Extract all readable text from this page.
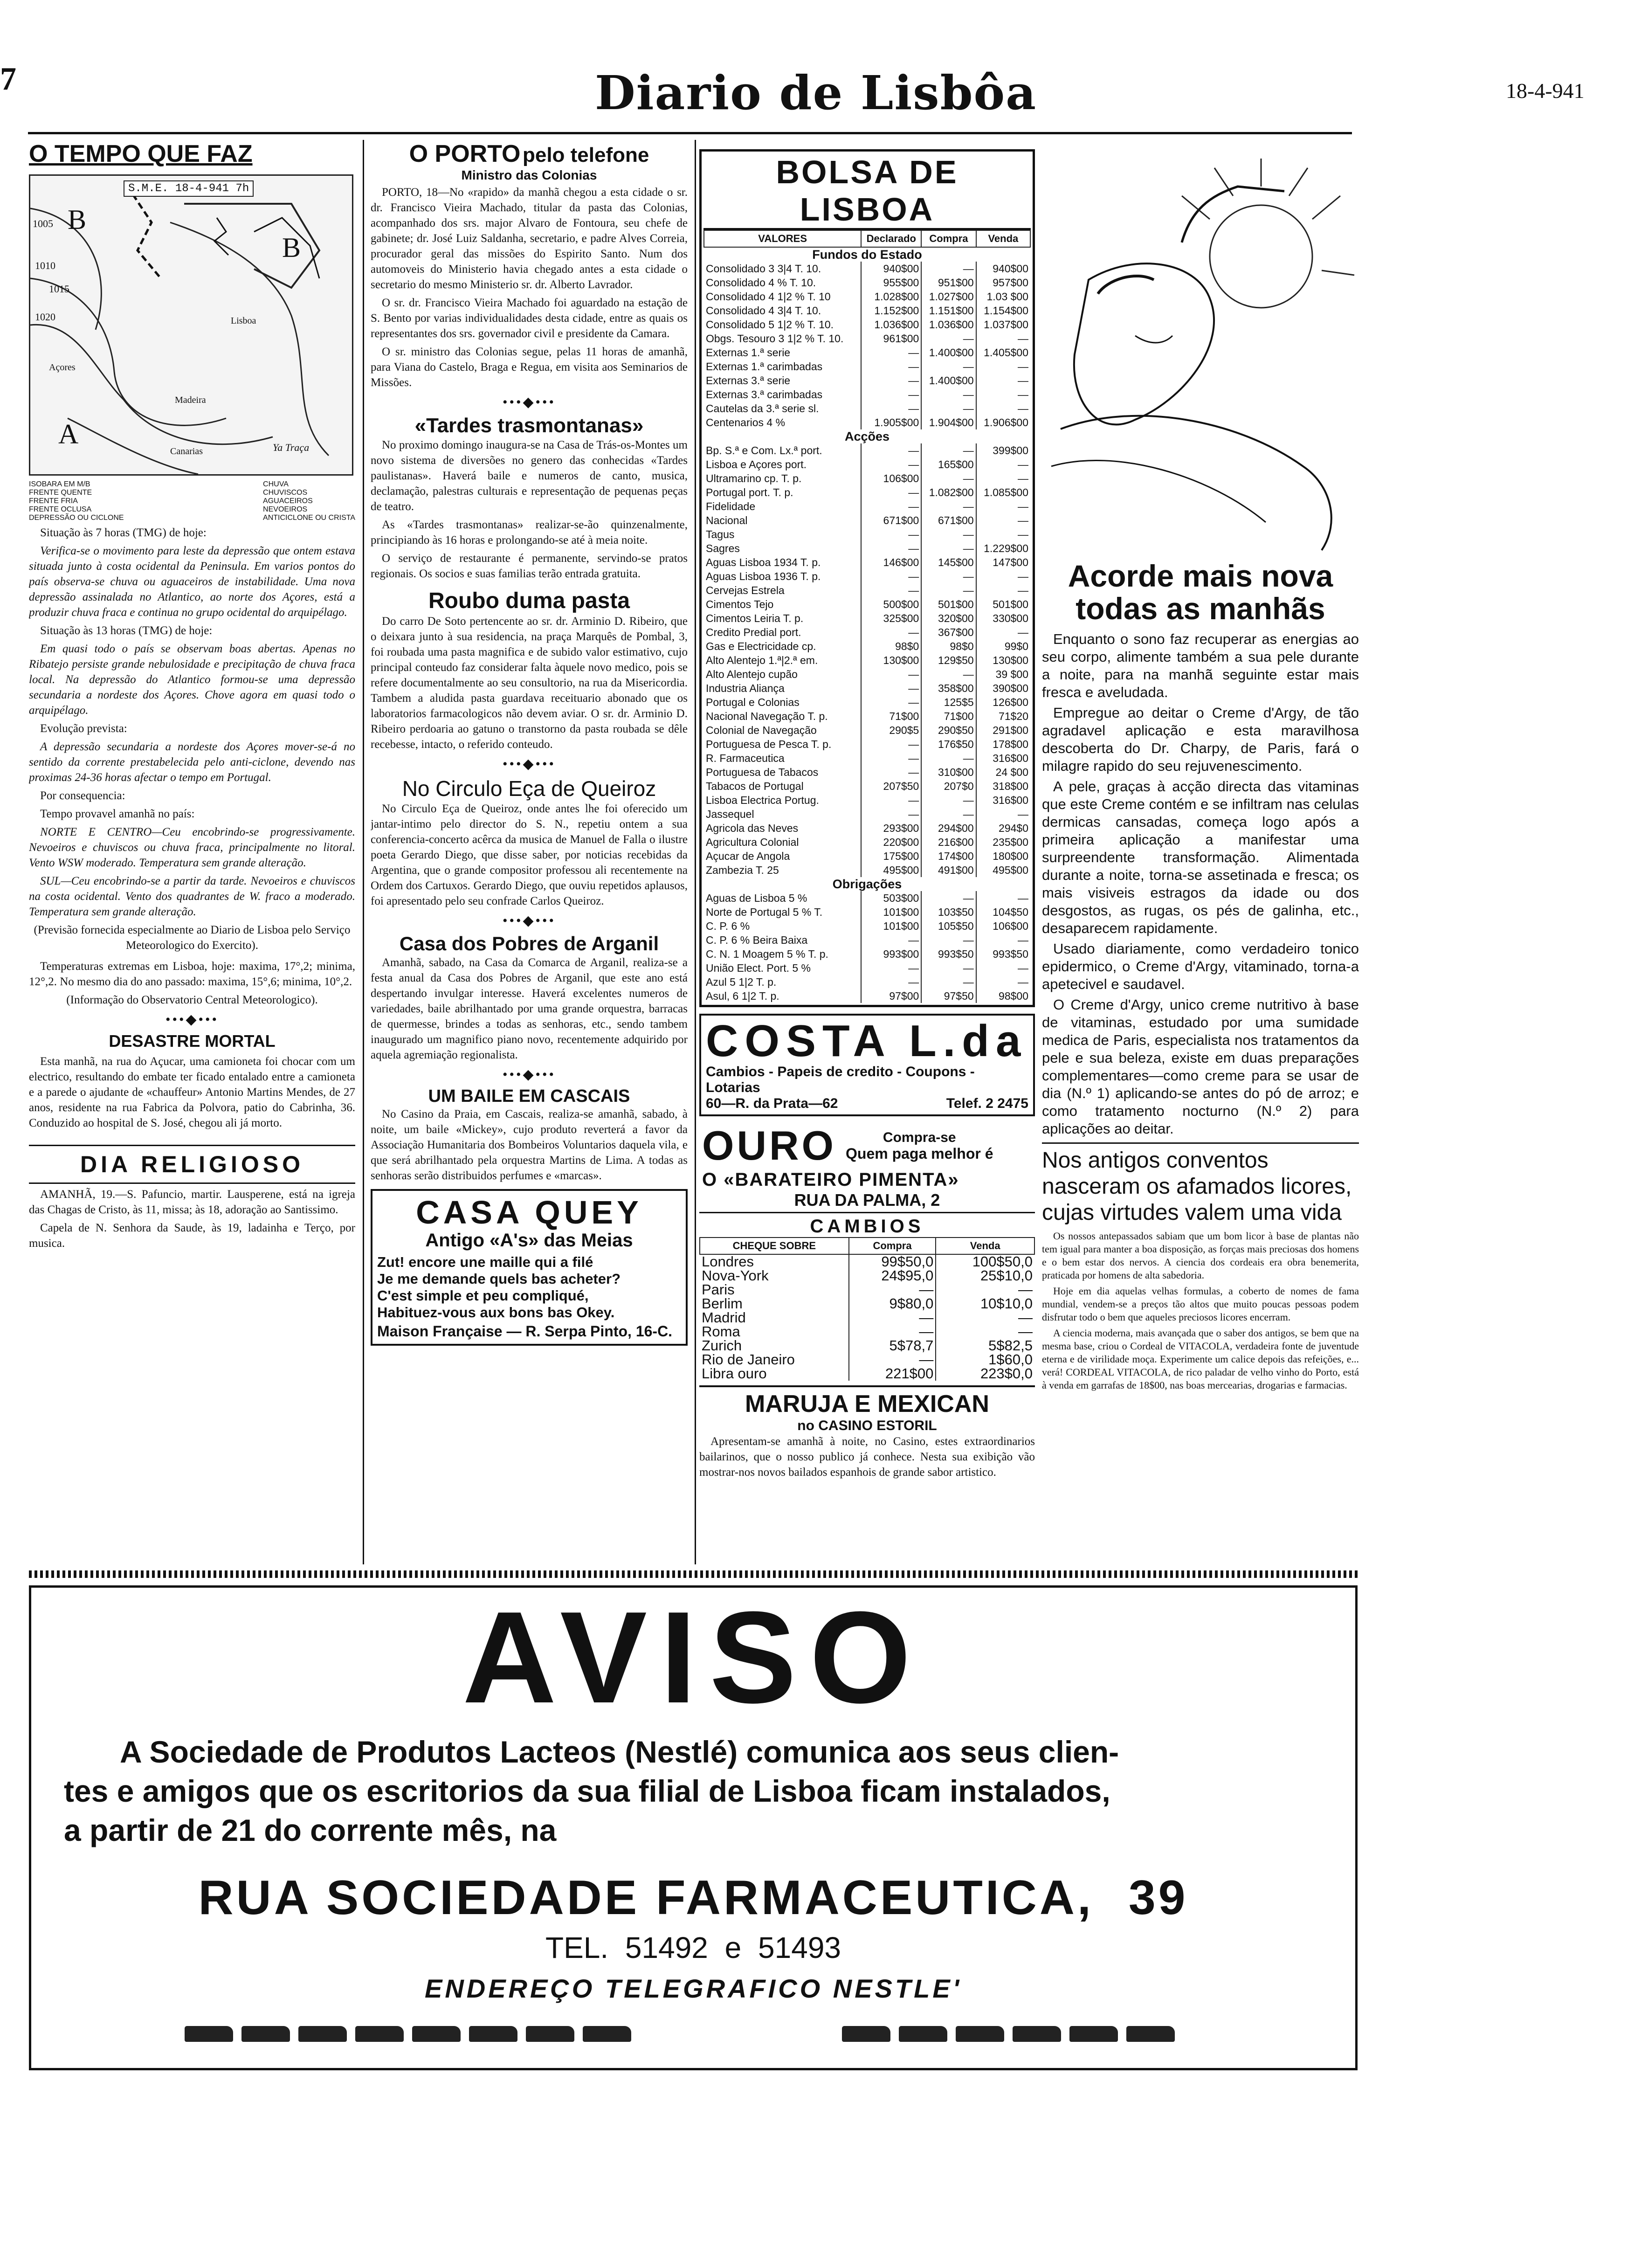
7	Diario de Lisbôa	18-4-941
O TEMPO QUE FAZ
S.M.E. 18-4-941 7h
Lisboa
Madeira
Canarias
Açores
1005
1010
1015
1020
A
B
B
Ya Traça
ISOBARA EM M/B
FRENTE QUENTE
FRENTE FRIA
FRENTE OCLUSA
DEPRESSÃO OU CICLONE
CHUVA
CHUVISCOS
AGUACEIROS
NEVOEIROS
ANTICICLONE OU CRISTA

Situação às 7 horas (TMG) de hoje:

Verifica-se o movimento para leste da depressão que ontem estava situada junto à costa ocidental da Peninsula. Em varios pontos do país observa-se chuva ou aguaceiros de instabilidade. Uma nova depressão assinalada no Atlantico, ao norte dos Açores, está a produzir chuva fraca e continua no grupo ocidental do arquipélago.

Situação às 13 horas (TMG) de hoje:

Em quasi todo o país se observam boas abertas. Apenas no Ribatejo persiste grande nebulosidade e precipitação de chuva fraca local. Na depressão do Atlantico formou-se uma depressão secundaria a nordeste dos Açores. Chove agora em quasi todo o arquipélago.

Evolução prevista:

A depressão secundaria a nordeste dos Açores mover-se-á no sentido da corrente prestabelecida pelo anti-ciclone, devendo nas proximas 24-36 horas afectar o tempo em Portugal.

Por consequencia:

Tempo provavel amanhã no país:

NORTE E CENTRO—Ceu encobrindo-se progressivamente. Nevoeiros e chuviscos ou chuva fraca, principalmente no litoral. Vento WSW moderado. Temperatura sem grande alteração.

SUL—Ceu encobrindo-se a partir da tarde. Nevoeiros e chuviscos na costa ocidental. Vento dos quadrantes de W. fraco a moderado. Temperatura sem grande alteração.

(Previsão fornecida especialmente ao Diario de Lisboa pelo Serviço Meteorologico do Exercito).

Temperaturas extremas em Lisboa, hoje: maxima, 17°,2; minima, 12°,2. No mesmo dia do ano passado: maxima, 15°,6; minima, 10°,2.

(Informação do Observatorio Central Meteorologico).

•••◆•••
DESASTRE MORTAL

Esta manhã, na rua do Açucar, uma camioneta foi chocar com um electrico, resultando do embate ter ficado entalado entre a camioneta e a parede o ajudante de «chauffeur» Antonio Martins Mendes, de 27 anos, residente na rua Fabrica da Polvora, patio do Cabrinha, 36. Conduzido ao hospital de S. José, chegou ali já morto.

DIA RELIGIOSO

AMANHÃ, 19.—S. Pafuncio, martir. Lausperene, está na igreja das Chagas de Cristo, às 11, missa; às 18, adoração ao Santissimo.

Capela de N. Senhora da Saude, às 19, ladainha e Terço, por musica.

O PORTO pelo telefone
Ministro das Colonias

PORTO, 18—No «rapido» da manhã chegou a esta cidade o sr. dr. Francisco Vieira Machado, titular da pasta das Colonias, acompanhado dos srs. major Alvaro de Fontoura, seu chefe de gabinete; dr. José Luiz Saldanha, secretario, e padre Alves Correia, procurador geral das missões do Espirito Santo. Num dos automoveis do Ministerio havia chegado antes a esta cidade o secretario do mesmo Ministerio sr. dr. Alberto Lavrador.

O sr. dr. Francisco Vieira Machado foi aguardado na estação de S. Bento por varias individualidades desta cidade, entre as quais os representantes dos srs. governador civil e presidente da Camara.

O sr. ministro das Colonias segue, pelas 11 horas de amanhã, para Viana do Castelo, Braga e Regua, em visita aos Seminarios de Missões.

•••◆•••
«Tardes trasmontanas»

No proximo domingo inaugura-se na Casa de Trás-os-Montes um novo sistema de diversões no genero das conhecidas «Tardes paulistanas». Haverá baile e numeros de canto, musica, declamação, palestras culturais e representação de pequenas peças de teatro.

As «Tardes trasmontanas» realizar-se-ão quinzenalmente, principiando às 16 horas e prolongando-se até à meia noite.

O serviço de restaurante é permanente, servindo-se pratos regionais. Os socios e suas familias terão entrada gratuita.

Roubo duma pasta

Do carro De Soto pertencente ao sr. dr. Arminio D. Ribeiro, que o deixara junto à sua residencia, na praça Marquês de Pombal, 3, foi roubada uma pasta magnifica e de subido valor estimativo, cujo principal conteudo faz considerar falta àquele novo medico, pois se refere documentalmente ao seu consultorio, na rua da Misericordia. Tambem a aludida pasta guardava receituario abonado que os laboratorios farmacologicos não devem aviar. O sr. dr. Arminio D. Ribeiro perdoaria ao gatuno o transtorno da pasta roubada se dêle recebesse, intacto, o referido conteudo.

•••◆•••
No Circulo Eça de Queiroz

No Circulo Eça de Queiroz, onde antes lhe foi oferecido um jantar-intimo pelo director do S. N., repetiu ontem a sua conferencia-concerto acêrca da musica de Manuel de Falla o ilustre poeta Gerardo Diego, que disse saber, por noticias recebidas da Argentina, que o grande compositor professou ali recentemente na Ordem dos Cartuxos. Gerardo Diego, que ouviu repetidos aplausos, foi apresentado pelo seu confrade Carlos Queiroz.

•••◆•••
Casa dos Pobres de Arganil

Amanhã, sabado, na Casa da Comarca de Arganil, realiza-se a festa anual da Casa dos Pobres de Arganil, que este ano está despertando invulgar interesse. Haverá excelentes numeros de variedades, baile abrilhantado por uma grande orquestra, barracas de quermesse, brindes a todas as senhoras, etc., sendo tambem inaugurado um magnifico piano novo, recentemente adquirido por aquela agremiação regionalista.

•••◆•••
UM BAILE EM CASCAIS

No Casino da Praia, em Cascais, realiza-se amanhã, sabado, à noite, um baile «Mickey», cujo produto reverterá a favor da Associação Humanitaria dos Bombeiros Voluntarios daquela vila, e que será abrilhantado pela orquestra Martins de Lima. A todas as senhoras serão distribuidos perfumes e «marcas».

CASA QUEY
Antigo «A's» das Meias
Zut! encore une maille qui a filé
Je me demande quels bas acheter?
C'est simple et peu compliqué,
Habituez-vous aux bons bas Okey.
Maison Française — R. Serpa Pinto, 16-C.
BOLSA DE LISBOA
VALORES	Declarado	Compra	Venda
Fundos do Estado			
Consolidado 3 3|4 T. 10.	940$00	—	940$00
Consolidado 4 % T. 10.	955$00	951$00	957$00
Consolidado 4 1|2 % T. 10	1.028$00	1.027$00	1.03 $00
Consolidado 4 3|4 T. 10.	1.152$00	1.151$00	1.154$00
Consolidado 5 1|2 % T. 10.	1.036$00	1.036$00	1.037$00
Obgs. Tesouro 3 1|2 % T. 10.	961$00	—	—
Externas 1.ª serie	—	1.400$00	1.405$00
Externas 1.ª carimbadas	—	—	—
Externas 3.ª serie	—	1.400$00	—
Externas 3.ª carimbadas	—	—	—
Cautelas da 3.ª serie sl.	—	—	—
Centenarios 4 %	1.905$00	1.904$00	1.906$00
Acções			
Bp. S.ª e Com. Lx.ª port.	—	—	399$00
Lisboa e Açores port.	—	165$00	—
Ultramarino cp. T. p.	106$00	—	—
Portugal port. T. p.	—	1.082$00	1.085$00
Fidelidade	—	—	—
Nacional	671$00	671$00	—
Tagus	—	—	—
Sagres	—	—	1.229$00
Aguas Lisboa 1934 T. p.	146$00	145$00	147$00
Aguas Lisboa 1936 T. p.	—	—	—
Cervejas Estrela	—	—	—
Cimentos Tejo	500$00	501$00	501$00
Cimentos Leiria T. p.	325$00	320$00	330$00
Credito Predial port.	—	367$00	—
Gas e Electricidade cp.	98$0	98$0	99$0
Alto Alentejo 1.ª|2.ª em.	130$00	129$50	130$00
Alto Alentejo cupão	—	—	39 $00
Industria Aliança	—	358$00	390$00
Portugal e Colonias	—	125$5	126$00
Nacional Navegação T. p.	71$00	71$00	71$20
Colonial de Navegação	290$5	290$50	291$00
Portuguesa de Pesca T. p.	—	176$50	178$00
R. Farmaceutica	—	—	316$00
Portuguesa de Tabacos	—	310$00	24 $00
Tabacos de Portugal	207$50	207$0	318$00
Lisboa Electrica Portug.	—	—	316$00
Jassequel	—	—	—
Agricola das Neves	293$00	294$00	294$0
Agricultura Colonial	220$00	216$00	235$00
Açucar de Angola	175$00	174$00	180$00
Zambezia T. 25	495$00	491$00	495$00
Obrigações			
Aguas de Lisboa 5 %	503$00	—	—
Norte de Portugal 5 % T.	101$00	103$50	104$50
C. P. 6 %	101$00	105$50	106$00
C. P. 6 % Beira Baixa	—	—	—
C. N. 1 Moagem 5 % T. p.	993$00	993$50	993$50
União Elect. Port. 5 %	—	—	—
Azul 5 1|2 T. p.	—	—	—
Asul, 6 1|2 T. p.	97$00	97$50	98$00
COSTA L.da
Cambios - Papeis de credito - Coupons - Lotarias
60—R. da Prata—62	Telef. 2 2475
OURO	Compra-se
Quem paga melhor é
O «BARATEIRO PIMENTA»
RUA DA PALMA, 2
CAMBIOS
CHEQUE SOBRE	Compra	Venda
Londres	99$50,0	100$50,0
Nova-York	24$95,0	25$10,0
Paris	—	—
Berlim	9$80,0	10$10,0
Madrid	—	—
Roma	—	—
Zurich	5$78,7	5$82,5
Rio de Janeiro	—	1$60,0
Libra ouro	221$00	223$0,0
MARUJA E MEXICAN
no CASINO ESTORIL

Apresentam-se amanhã à noite, no Casino, estes extraordinarios bailarinos, que o nosso publico já conhece. Nesta sua exibição vão mostrar-nos novos bailados espanhois de grande sabor artistico.

Acorde mais nova
todas as manhãs

Enquanto o sono faz recuperar as energias ao seu corpo, alimente também a sua pele durante a noite, para na manhã seguinte estar mais fresca e aveludada.

Empregue ao deitar o Creme d'Argy, de tão agradavel aplicação e esta maravilhosa descoberta do Dr. Charpy, de Paris, fará o milagre rapido do seu rejuvenescimento.

A pele, graças à acção directa das vitaminas que este Creme contém e se infiltram nas celulas dermicas cansadas, começa logo após a primeira aplicação a manifestar uma surpreendente transformação. Alimentada durante a noite, torna-se assetinada e fresca; os mais visiveis estragos da idade ou dos desgostos, as rugas, os pés de galinha, etc., desaparecem rapidamente.

Usado diariamente, como verdadeiro tonico epidermico, o Creme d'Argy, vitaminado, torna-a apetecivel e saudavel.

O Creme d'Argy, unico creme nutritivo à base de vitaminas, estudado por uma sumidade medica de Paris, especialista nos tratamentos da pele e sua beleza, existe em duas preparações complementares—como creme para se usar de dia (N.º 1) aplicando-se antes do pó de arroz; e como tratamento nocturno (N.º 2) para aplicações ao deitar.

Nos antigos conventos nasceram os afamados licores, cujas virtudes valem uma vida

Os nossos antepassados sabiam que um bom licor à base de plantas não tem igual para manter a boa disposição, as forças mais preciosas dos homens e o bem estar dos nervos. A ciencia dos cordeais era obra benemerita, praticada por homens de alta sabedoria.

Hoje em dia aquelas velhas formulas, a coberto de nomes de fama mundial, vendem-se a preços tão altos que muito poucas pessoas podem disfrutar todo o bem que aqueles preciosos licores encerram.

A ciencia moderna, mais avançada que o saber dos antigos, se bem que na mesma base, criou o Cordeal de VITACOLA, verdadeira fonte de juventude eterna e de virilidade moça. Experimente um calice depois das refeições, e... verá! CORDEAL VITACOLA, de rico paladar de velho vinho do Porto, está à venda em garrafas de 18$00, nas boas mercearias, drogarias e farmacias.

AVISO
A Sociedade de Produtos Lacteos (Nestlé) comunica aos seus clien-
tes e amigos que os escritorios da sua filial de Lisboa ficam instalados,
a partir de 21 do corrente mês, na
RUA SOCIEDADE FARMACEUTICA, 39
TEL. 51492 e 51493
ENDEREÇO TELEGRAFICO NESTLE'
